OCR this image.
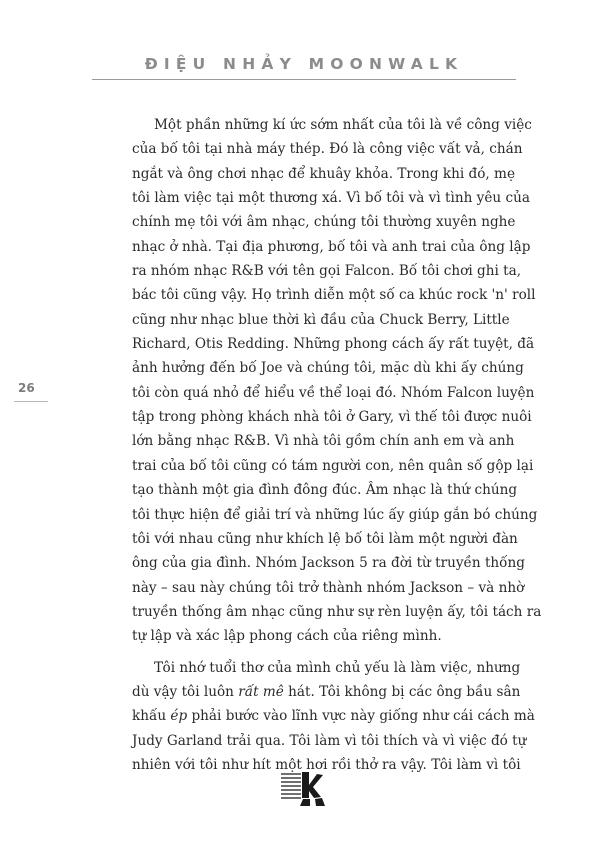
ĐIỆU NHẢY MOONWALK
26

Một phần những kí ức sớm nhất của tôi là về công việc
của bố tôi tại nhà máy thép. Đó là công việc vất vả, chán
ngắt và ông chơi nhạc để khuây khỏa. Trong khi đó, mẹ
tôi làm việc tại một thương xá. Vì bố tôi và vì tình yêu của
chính mẹ tôi với âm nhạc, chúng tôi thường xuyên nghe
nhạc ở nhà. Tại địa phương, bố tôi và anh trai của ông lập
ra nhóm nhạc R&B với tên gọi Falcon. Bố tôi chơi ghi ta,
bác tôi cũng vậy. Họ trình diễn một số ca khúc rock 'n' roll
cũng như nhạc blue thời kì đầu của Chuck Berry, Little
Richard, Otis Redding. Những phong cách ấy rất tuyệt, đã
ảnh hưởng đến bố Joe và chúng tôi, mặc dù khi ấy chúng
tôi còn quá nhỏ để hiểu về thể loại đó. Nhóm Falcon luyện
tập trong phòng khách nhà tôi ở Gary, vì thế tôi được nuôi
lớn bằng nhạc R&B. Vì nhà tôi gồm chín anh em và anh
trai của bố tôi cũng có tám người con, nên quân số gộp lại
tạo thành một gia đình đông đúc. Âm nhạc là thứ chúng
tôi thực hiện để giải trí và những lúc ấy giúp gắn bó chúng
tôi với nhau cũng như khích lệ bố tôi làm một người đàn
ông của gia đình. Nhóm Jackson 5 ra đời từ truyền thống
này – sau này chúng tôi trở thành nhóm Jackson – và nhờ
truyền thống âm nhạc cũng như sự rèn luyện ấy, tôi tách ra
tự lập và xác lập phong cách của riêng mình.

Tôi nhớ tuổi thơ của mình chủ yếu là làm việc, nhưng
dù vậy tôi luôn rất mê hát. Tôi không bị các ông bầu sân
khấu ép phải bước vào lĩnh vực này giống như cái cách mà
Judy Garland trải qua. Tôi làm vì tôi thích và vì việc đó tự
nhiên với tôi như hít một hơi rồi thở ra vậy. Tôi làm vì tôi
